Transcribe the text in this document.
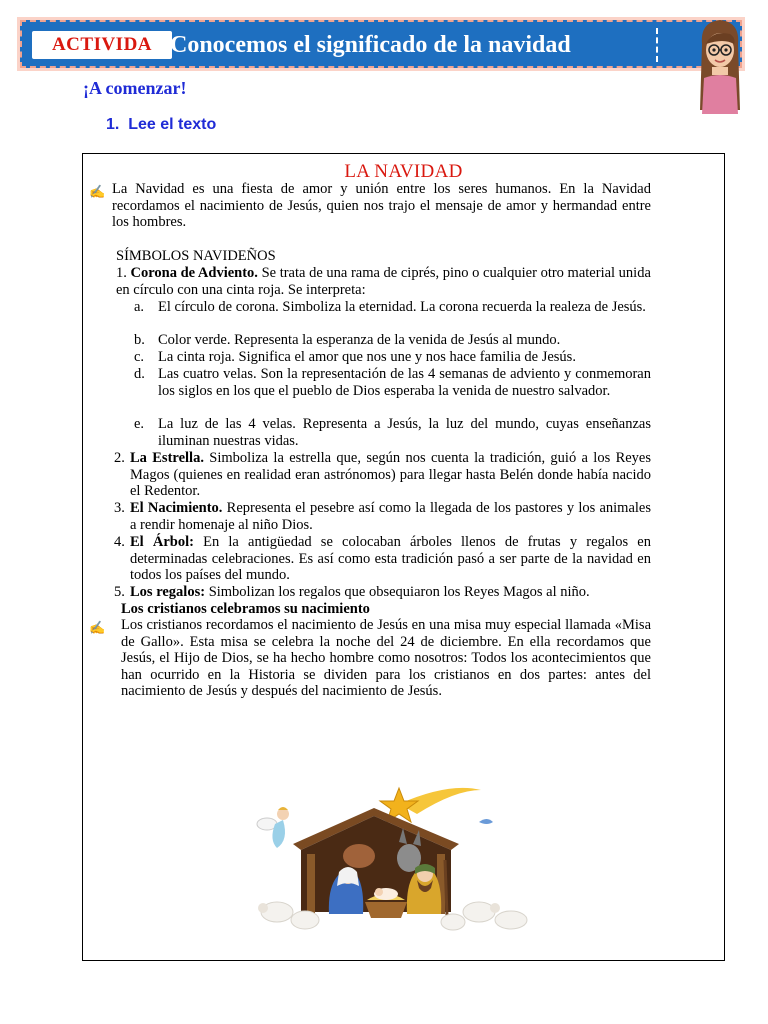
ACTIVIDA Conocemos el significado de la navidad
¡A comenzar!
1. Lee el texto
LA NAVIDAD
✍ La Navidad es una fiesta de amor y unión entre los seres humanos. En la Navidad recordamos el nacimiento de Jesús, quien nos trajo el mensaje de amor y hermandad entre los hombres.
SÍMBOLOS NAVIDEÑOS
1. Corona de Adviento. Se trata de una rama de ciprés, pino o cualquier otro material unida en círculo con una cinta roja. Se interpreta:
a. El círculo de corona. Simboliza la eternidad. La corona recuerda la realeza de Jesús.
b. Color verde. Representa la esperanza de la venida de Jesús al mundo.
c. La cinta roja. Significa el amor que nos une y nos hace familia de Jesús.
d. Las cuatro velas. Son la representación de las 4 semanas de adviento y conmemoran los siglos en los que el pueblo de Dios esperaba la venida de nuestro salvador.
e. La luz de las 4 velas. Representa a Jesús, la luz del mundo, cuyas enseñanzas iluminan nuestras vidas.
2. La Estrella. Simboliza la estrella que, según nos cuenta la tradición, guió a los Reyes Magos (quienes en realidad eran astrónomos) para llegar hasta Belén donde había nacido el Redentor.
3. El Nacimiento. Representa el pesebre así como la llegada de los pastores y los animales a rendir homenaje al niño Dios.
4. El Árbol: En la antigüedad se colocaban árboles llenos de frutas y regalos en determinadas celebraciones. Es así como esta tradición pasó a ser parte de la navidad en todos los países del mundo.
5. Los regalos: Simbolizan los regalos que obsequiaron los Reyes Magos al niño.
Los cristianos celebramos su nacimiento
✍ Los cristianos recordamos el nacimiento de Jesús en una misa muy especial llamada «Misa de Gallo». Esta misa se celebra la noche del 24 de diciembre. En ella recordamos que Jesús, el Hijo de Dios, se ha hecho hombre como nosotros: Todos los acontecimientos que han ocurrido en la Historia se dividen para los cristianos en dos partes: antes del nacimiento de Jesús y después del nacimiento de Jesús.
